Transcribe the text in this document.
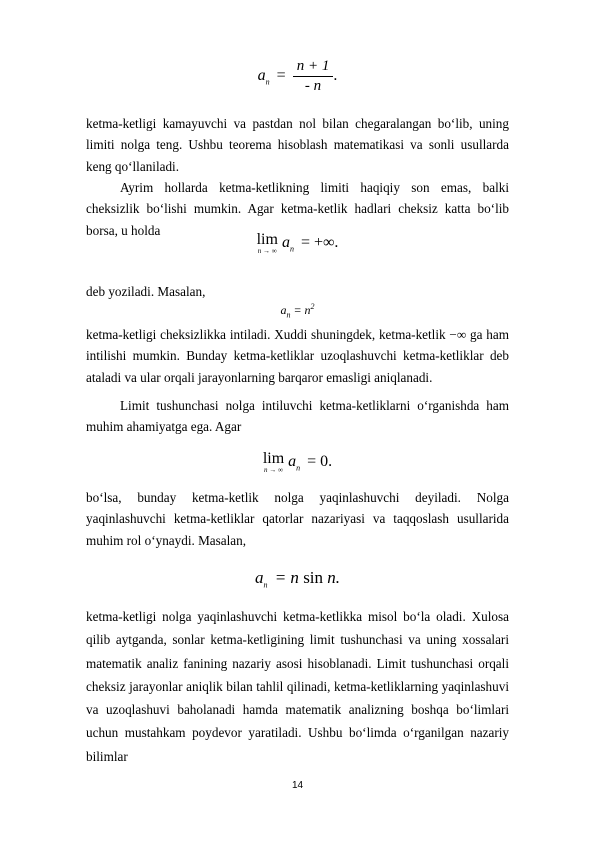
$a_n = \frac{n + 1}{- n}$ .

ketma-ketligi kamayuvchi va pastdan nol bilan chegaralangan bo‘lib, uning limiti nolga teng. Ushbu teorema hisoblash matematikasi va sonli usullarda keng qo‘llaniladi.

Ayrim hollarda ketma-ketlikning limiti haqiqiy son emas, balki cheksizlik bo‘lishi mumkin. Agar ketma-ketlik hadlari cheksiz katta bo‘lib borsa, u holda

lim
n → ∞ $a_n$ = +∞.

deb yoziladi. Masalan,

$a_n = n^2$

ketma-ketligi cheksizlikka intiladi. Xuddi shuningdek, ketma-ketlik −∞ ga ham intilishi mumkin. Bunday ketma-ketliklar uzoqlashuvchi ketma-ketliklar deb ataladi va ular orqali jarayonlarning barqaror emasligi aniqlanadi.

Limit tushunchasi nolga intiluvchi ketma-ketliklarni o‘rganishda ham muhim ahamiyatga ega. Agar

lim
n → ∞ $a_n = 0$.

bo‘lsa, bunday ketma-ketlik nolga yaqinlashuvchi deyiladi. Nolga yaqinlashuvchi ketma-ketliklar qatorlar nazariyasi va taqqoslash usullarida muhim rol o‘ynaydi. Masalan,

$a_n = n$ sin n.

ketma-ketligi nolga yaqinlashuvchi ketma-ketlikka misol bo‘la oladi. Xulosa qilib aytganda, sonlar ketma-ketligining limit tushunchasi va uning xossalari matematik analiz fanining nazariy asosi hisoblanadi. Limit tushunchasi orqali cheksiz jarayonlar aniqlik bilan tahlil qilinadi, ketma-ketliklarning yaqinlashuvi va uzoqlashuvi baholanadi hamda matematik analizning boshqa bo‘limlari uchun mustahkam poydevor yaratiladi. Ushbu bo‘limda o‘rganilgan nazariy bilimlar

14
